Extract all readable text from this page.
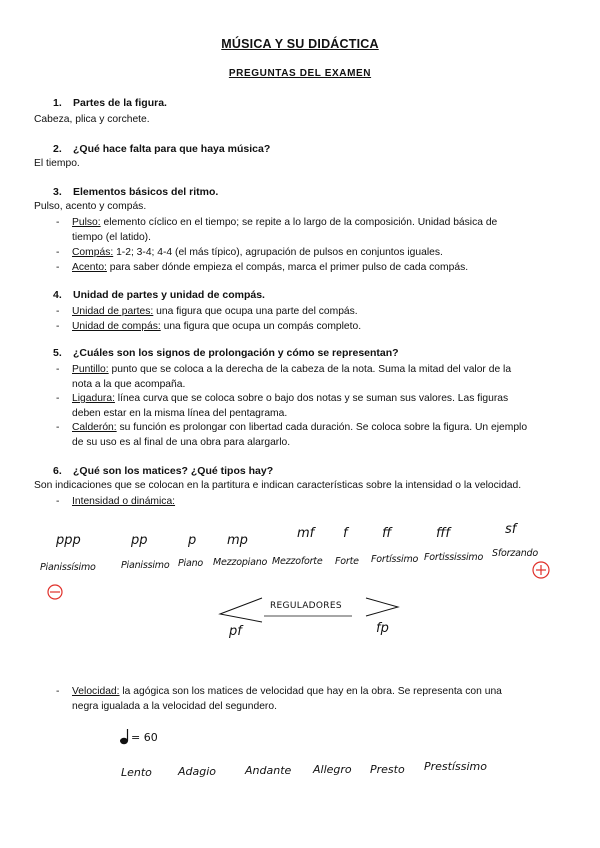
MÚSICA Y SU DIDÁCTICA
PREGUNTAS DEL EXAMEN
1. Partes de la figura.
Cabeza, plica y corchete.
2. ¿Qué hace falta para que haya música?
El tiempo.
3. Elementos básicos del ritmo.
Pulso, acento y compás.
- Pulso: elemento cíclico en el tiempo; se repite a lo largo de la composición. Unidad básica de
tiempo (el latido).
- Compás: 1-2; 3-4; 4-4 (el más típico), agrupación de pulsos en conjuntos iguales.
- Acento: para saber dónde empieza el compás, marca el primer pulso de cada compás.
4. Unidad de partes y unidad de compás.
- Unidad de partes: una figura que ocupa una parte del compás.
- Unidad de compás: una figura que ocupa un compás completo.
5. ¿Cuáles son los signos de prolongación y cómo se representan?
- Puntillo: punto que se coloca a la derecha de la cabeza de la nota. Suma la mitad del valor de la
nota a la que acompaña.
- Ligadura: línea curva que se coloca sobre o bajo dos notas y se suman sus valores. Las figuras
deben estar en la misma línea del pentagrama.
- Calderón: su función es prolongar con libertad cada duración. Se coloca sobre la figura. Un ejemplo
de su uso es al final de una obra para alargarlo.
6. ¿Qué son los matices? ¿Qué tipos hay?
Son indicaciones que se colocan en la partitura e indican características sobre la intensidad o la velocidad.
- Intensidad o dinámica:
ppp	pp	p mp	mf f	ff	fff	sf
Pianissísimo	Pianissimo Piano Mezzopiano Mezzoforte Forte Fortíssimo Fortississimo Sforzando
REGULADORES
pf	fp
- Velocidad: la agógica son los matices de velocidad que hay en la obra. Se representa con una
negra igualada a la velocidad del segundero.
= 60
Lento Adagio	Andante Allegro Presto Prestíssimo
